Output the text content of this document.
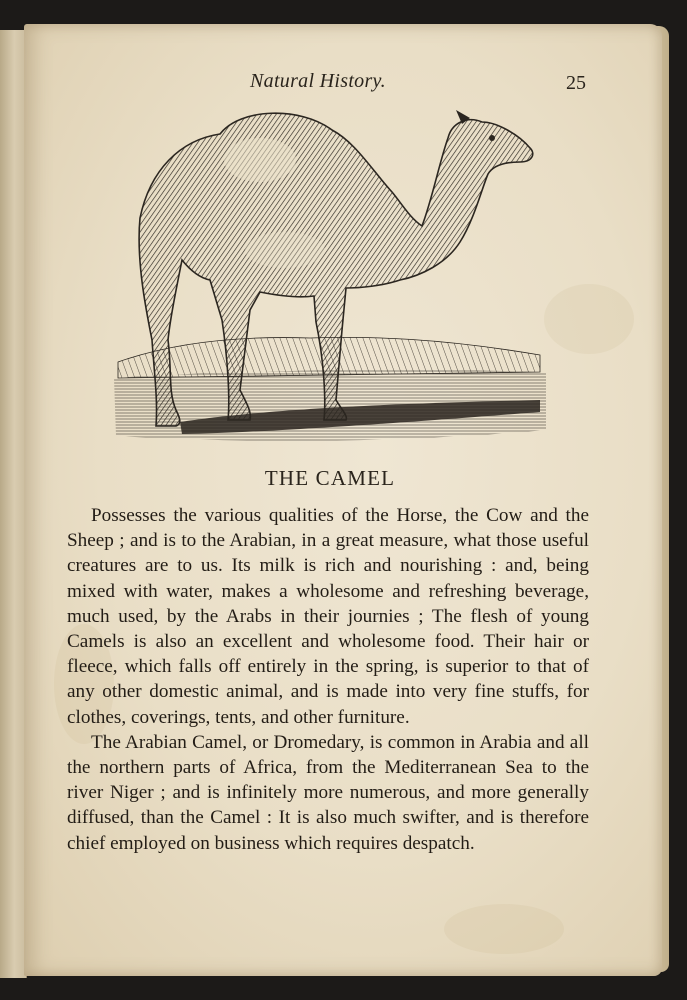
Natural History.	25
THE CAMEL

Possesses the various qualities of the Horse, the Cow and the Sheep ; and is to the Arabian, in a great measure, what those useful creatures are to us. Its milk is rich and nourishing : and, being mixed with water, makes a wholesome and refreshing beverage, much used, by the Arabs in their journies ; The flesh of young Camels is also an excellent and wholesome food. Their hair or fleece, which falls off entirely in the spring, is superior to that of any other domestic animal, and is made into very fine stuffs, for clothes, coverings, tents, and other furniture.

The Arabian Camel, or Dromedary, is common in Arabia and all the northern parts of Africa, from the Mediterranean Sea to the river Niger ; and is infinitely more numerous, and more generally diffused, than the Camel : It is also much swifter, and is therefore chief employed on business which requires despatch.
